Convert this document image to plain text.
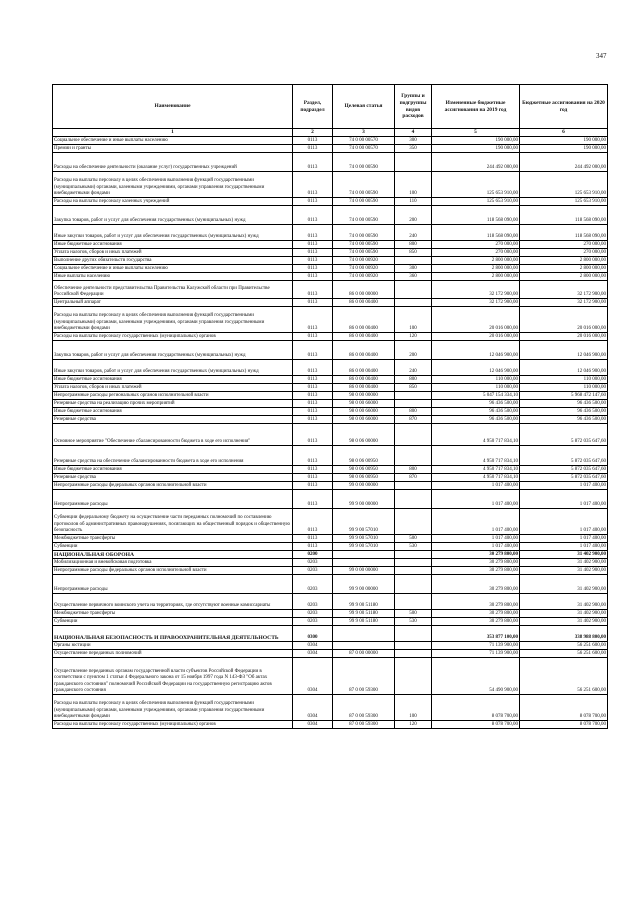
347
Наименование	Раздел, подраздел	Целевая статья	Группы и подгруппы видов расходов	Измененные бюджетные ассигнования на 2019 год	Бюджетные ассигнования на 2020 год
1	2	3	4	5	6
Социальное обеспечение и иные выплаты населению	0113	74 0 00 00570	300	190 000,00	190 000,00
Премии и гранты	0113	74 0 00 00570	350	190 000,00	190 000,00
Расходы на обеспечение деятельности (оказание услуг) государственных учреждений	0113	74 0 00 00590		244 492 000,00	244 492 000,00
Расходы на выплаты персоналу в целях обеспечения выполнения функций государственными (муниципальными) органами, казенными учреждениями, органами управления государственными внебюджетными фондами	0113	74 0 00 00590	100	125 653 910,00	125 653 910,00
Расходы на выплаты персоналу казенных учреждений	0113	74 0 00 00590	110	125 653 910,00	125 653 910,00
Закупка товаров, работ и услуг для обеспечения государственных (муниципальных) нужд	0113	74 0 00 00590	200	118 568 090,00	118 568 090,00
Иные закупки товаров, работ и услуг для обеспечения государственных (муниципальных) нужд	0113	74 0 00 00590	240	118 568 090,00	118 568 090,00
Иные бюджетные ассигнования	0113	74 0 00 00590	800	270 000,00	270 000,00
Уплата налогов, сборов и иных платежей	0113	74 0 00 00590	850	270 000,00	270 000,00
Выполнение других обязательств государства	0113	74 0 00 00920		2 800 000,00	2 800 000,00
Социальное обеспечение и иные выплаты населению	0113	74 0 00 00920	300	2 800 000,00	2 800 000,00
Иные выплаты населению	0113	74 0 00 00920	360	2 800 000,00	2 800 000,00
Обеспечение деятельности представительства Правительства Калужской области при Правительстве Российской Федерации	0113	86 0 00 00000		32 172 900,00	32 172 900,00
Центральный аппарат	0113	86 0 00 00400		32 172 900,00	32 172 900,00
Расходы на выплаты персоналу в целях обеспечения выполнения функций государственными (муниципальными) органами, казенными учреждениями, органами управления государственными внебюджетными фондами	0113	86 0 00 00400	100	20 016 000,00	20 016 000,00
Расходы на выплаты персоналу государственных (муниципальных) органов	0113	86 0 00 00400	120	20 016 000,00	20 016 000,00
Закупка товаров, работ и услуг для обеспечения государственных (муниципальных) нужд	0113	86 0 00 00400	200	12 046 900,00	12 046 900,00
Иные закупки товаров, работ и услуг для обеспечения государственных (муниципальных) нужд	0113	86 0 00 00400	240	12 046 900,00	12 046 900,00
Иные бюджетные ассигнования	0113	86 0 00 00400	800	110 000,00	110 000,00
Уплата налогов, сборов и иных платежей	0113	86 0 00 00400	850	110 000,00	110 000,00
Непрограммные расходы региональных органов исполнительной власти	0113	98 0 00 00000		5 047 154 334,10	5 968 472 147,60
Резервные средства на реализацию прочих мероприятий	0113	98 0 00 66000		96 436 500,00	96 436 500,00
Иные бюджетные ассигнования	0113	98 0 00 66000	800	96 436 500,00	96 436 500,00
Резервные средства	0113	98 0 00 66000	870	96 436 500,00	96 436 500,00
Основное мероприятие "Обеспечение сбалансированности бюджета в ходе его исполнения"	0113	98 0 06 00000		4 950 717 834,10	5 872 035 647,60
Резервные средства на обеспечение сбалансированности бюджета в ходе его исполнения	0113	98 0 06 00950		4 950 717 834,10	5 872 035 647,60
Иные бюджетные ассигнования	0113	98 0 06 00950	800	4 950 717 834,10	5 872 035 647,60
Резервные средства	0113	98 0 06 00950	870	4 950 717 834,10	5 872 035 647,60
Непрограммные расходы федеральных органов исполнительной власти	0113	99 0 00 00000		1 017 400,00	1 017 400,00
Непрограммные расходы	0113	99 9 00 00000		1 017 400,00	1 017 400,00
Субвенции федеральному бюджету на осуществление части переданных полномочий по составлению протоколов об административных правонарушениях, посягающих на общественный порядок и общественную безопасность	0113	99 9 00 57010		1 017 400,00	1 017 400,00
Межбюджетные трансферты	0113	99 9 00 57010	500	1 017 400,00	1 017 400,00
Субвенции	0113	99 9 00 57010	530	1 017 400,00	1 017 400,00
НАЦИОНАЛЬНАЯ ОБОРОНА	0200			30 279 800,00	31 402 900,00
Мобилизационная и вневойсковая подготовка	0203			30 279 800,00	31 402 900,00
Непрограммные расходы федеральных органов исполнительной власти	0203	99 0 00 00000		30 279 800,00	31 402 900,00
Непрограммные расходы	0203	99 9 00 00000		30 279 800,00	31 402 900,00
Осуществление первичного воинского учета на территориях, где отсутствуют военные комиссариаты	0203	99 9 00 51180		30 279 800,00	31 402 900,00
Межбюджетные трансферты	0203	99 9 00 51180	500	30 279 800,00	31 402 900,00
Субвенции	0203	99 9 00 51180	530	30 279 800,00	31 402 900,00
НАЦИОНАЛЬНАЯ БЕЗОПАСНОСТЬ И ПРАВООХРАНИТЕЛЬНАЯ ДЕЯТЕЛЬНОСТЬ	0300			353 877 100,00	338 988 800,00
Органы юстиции	0304			71 139 900,00	56 251 600,00
Осуществление переданных полномочий	0304	87 0 00 00000		71 139 900,00	56 251 600,00
Осуществление переданных органам государственной власти субъектов Российской Федерации в соответствии с пунктом 1 статьи 4 Федерального закона от 15 ноября 1997 года N 143-ФЗ "Об актах гражданского состояния" полномочий Российской Федерации на государственную регистрацию актов гражданского состояния	0304	87 0 00 59300		54 490 900,00	56 251 600,00
Расходы на выплаты персоналу в целях обеспечения выполнения функций государственными (муниципальными) органами, казенными учреждениями, органами управления государственными внебюджетными фондами	0304	87 0 00 59300	100	8 078 700,00	8 078 700,00
Расходы на выплаты персоналу государственных (муниципальных) органов	0304	87 0 00 59300	120	8 078 700,00	8 078 700,00
